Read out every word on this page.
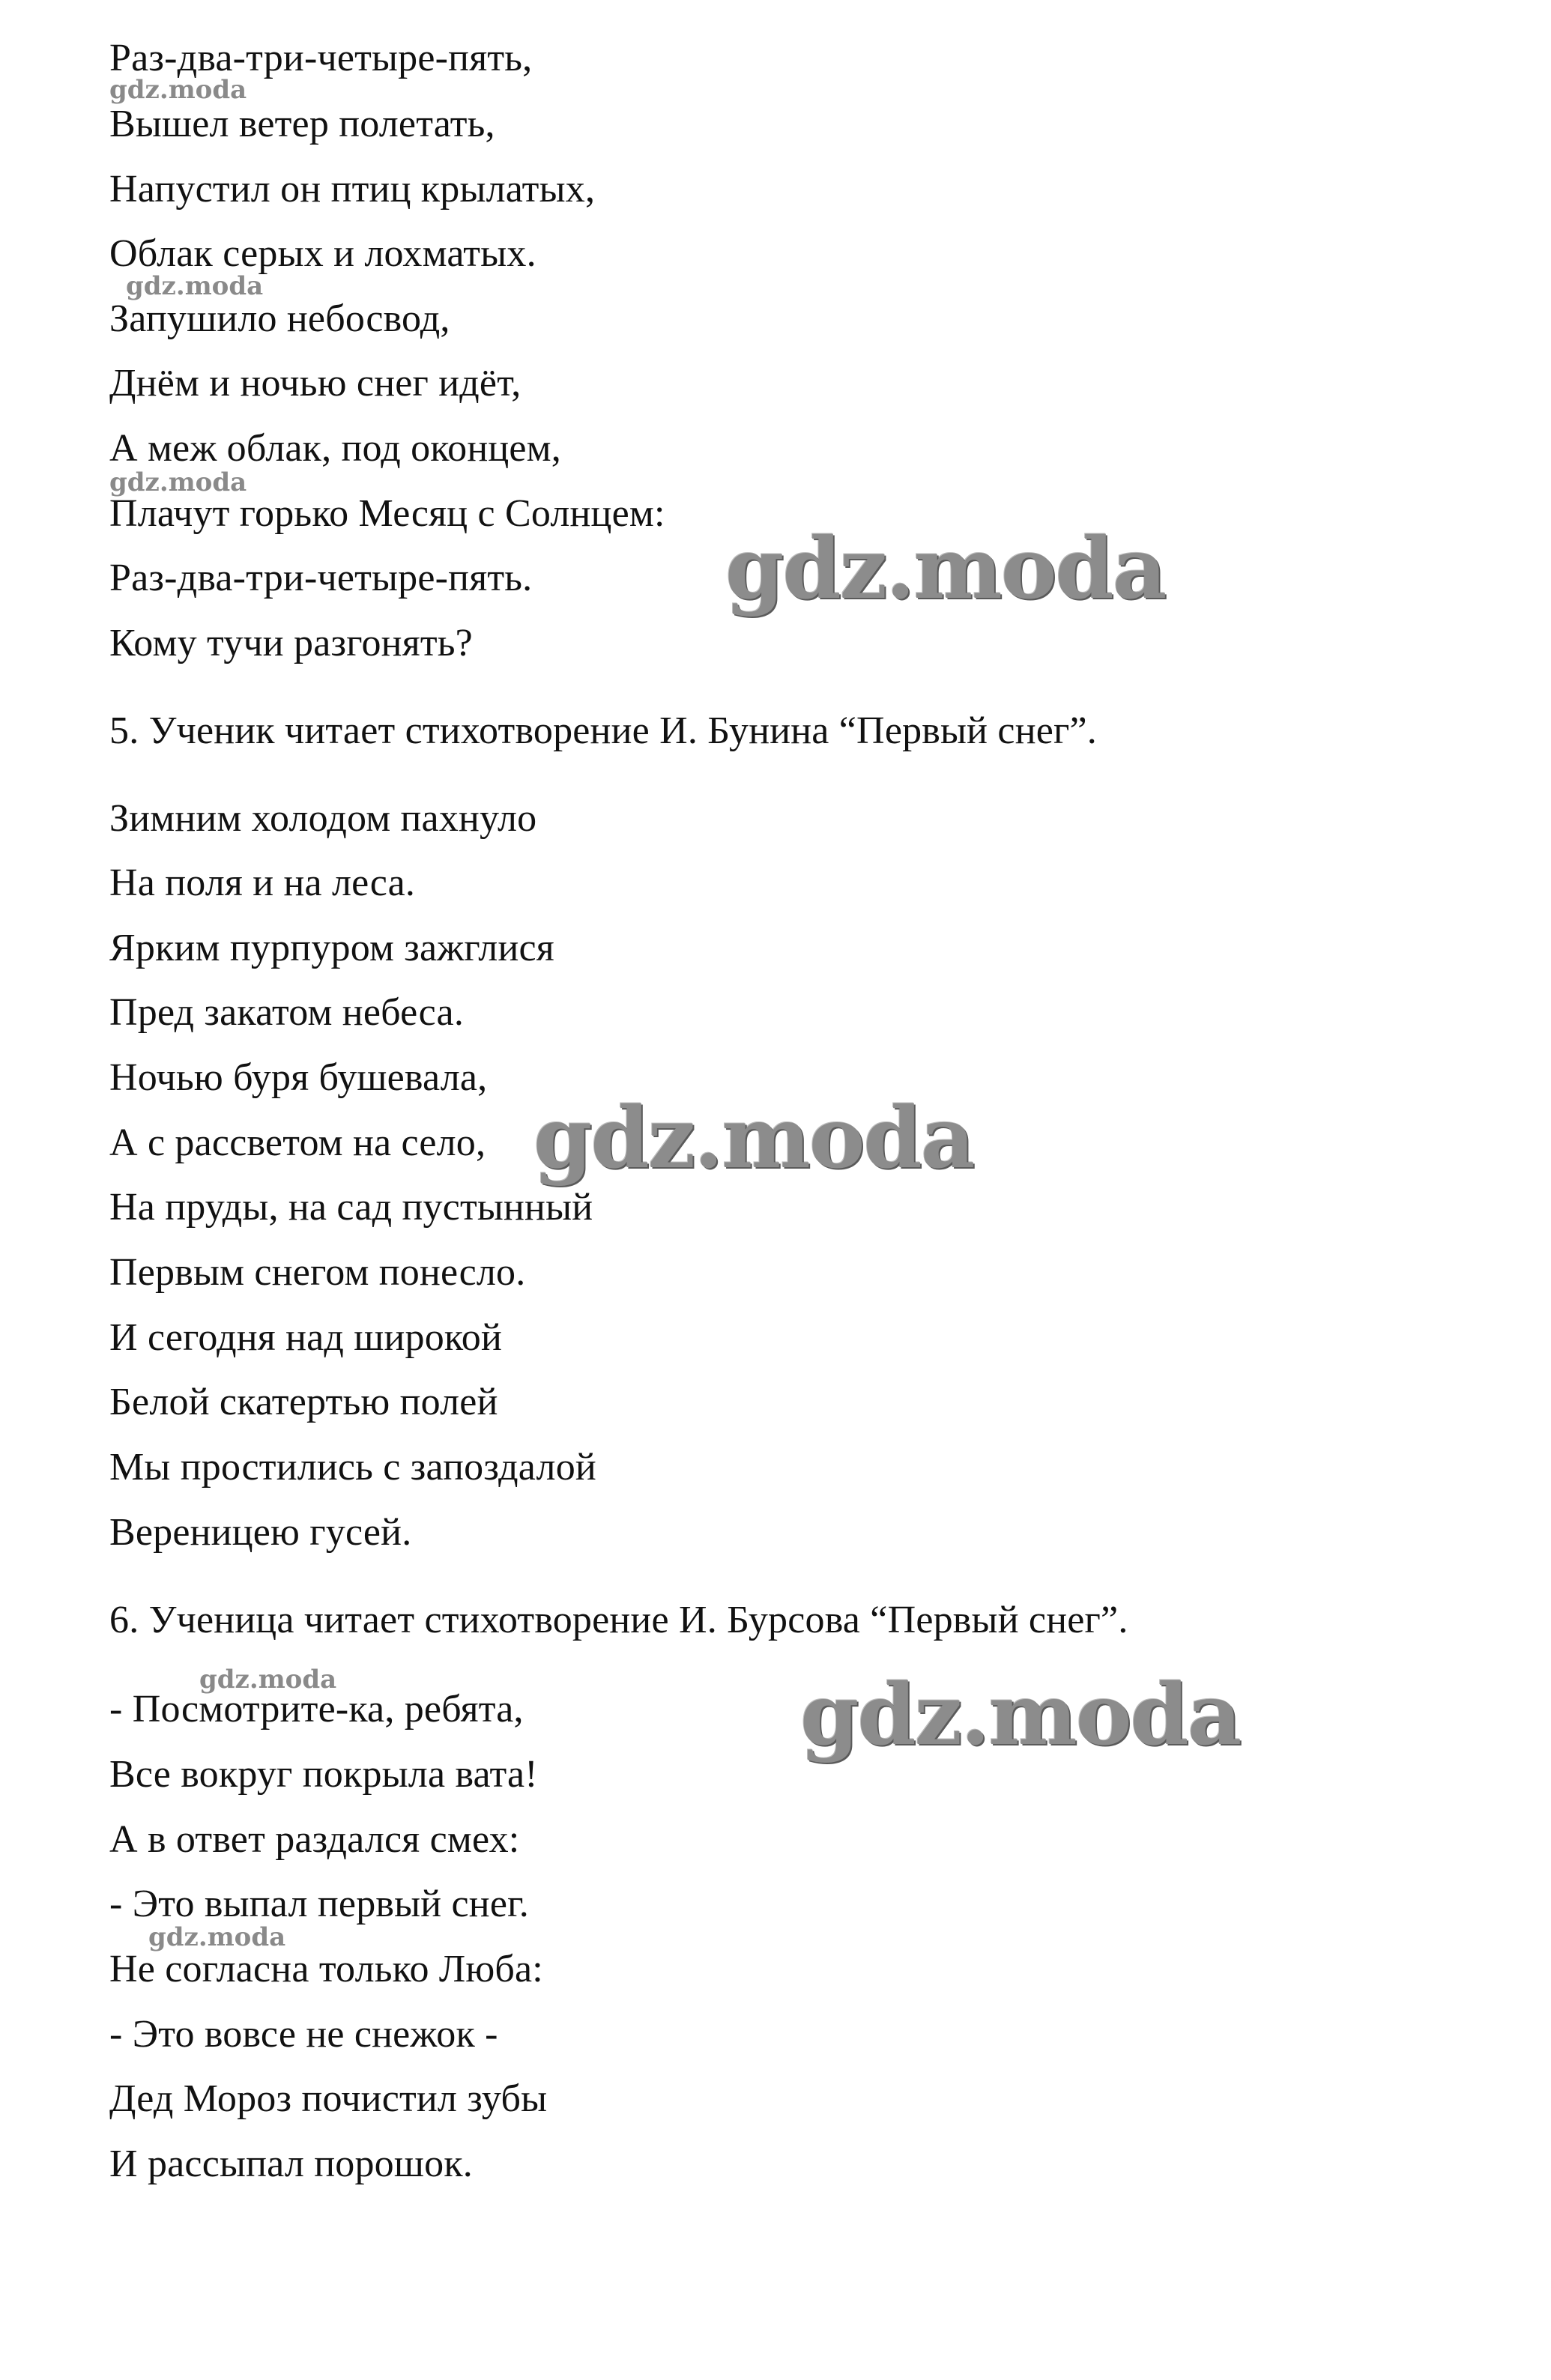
Раз-два-три-четыре-пять,
Вышел ветер полетать,
Напустил он птиц крылатых,
Облак серых и лохматых.
Запушило небосвод,
Днём и ночью снег идёт,
А меж облак, под оконцем,
Плачут горько Месяц с Солнцем:
Раз-два-три-четыре-пять.
Кому тучи разгонять?
5. Ученик читает стихотворение И. Бунина “Первый снег”.
Зимним холодом пахнуло
На поля и на леса.
Ярким пурпуром зажглися
Пред закатом небеса.
Ночью буря бушевала,
А с рассветом на село,
На пруды, на сад пустынный
Первым снегом понесло.
И сегодня над широкой
Белой скатертью полей
Мы простились с запоздалой
Вереницею гусей.
6. Ученица читает стихотворение И. Бурсова “Первый снег”.
- Посмотрите-ка, ребята,
Все вокруг покрыла вата!
А в ответ раздался смех:
- Это выпал первый снег.
Не согласна только Люба:
- Это вовсе не снежок -
Дед Мороз почистил зубы
И рассыпал порошок.
gdz.moda
gdz.moda
gdz.moda
gdz.moda
gdz.moda
gdz.moda
gdz.moda
gdz.moda
